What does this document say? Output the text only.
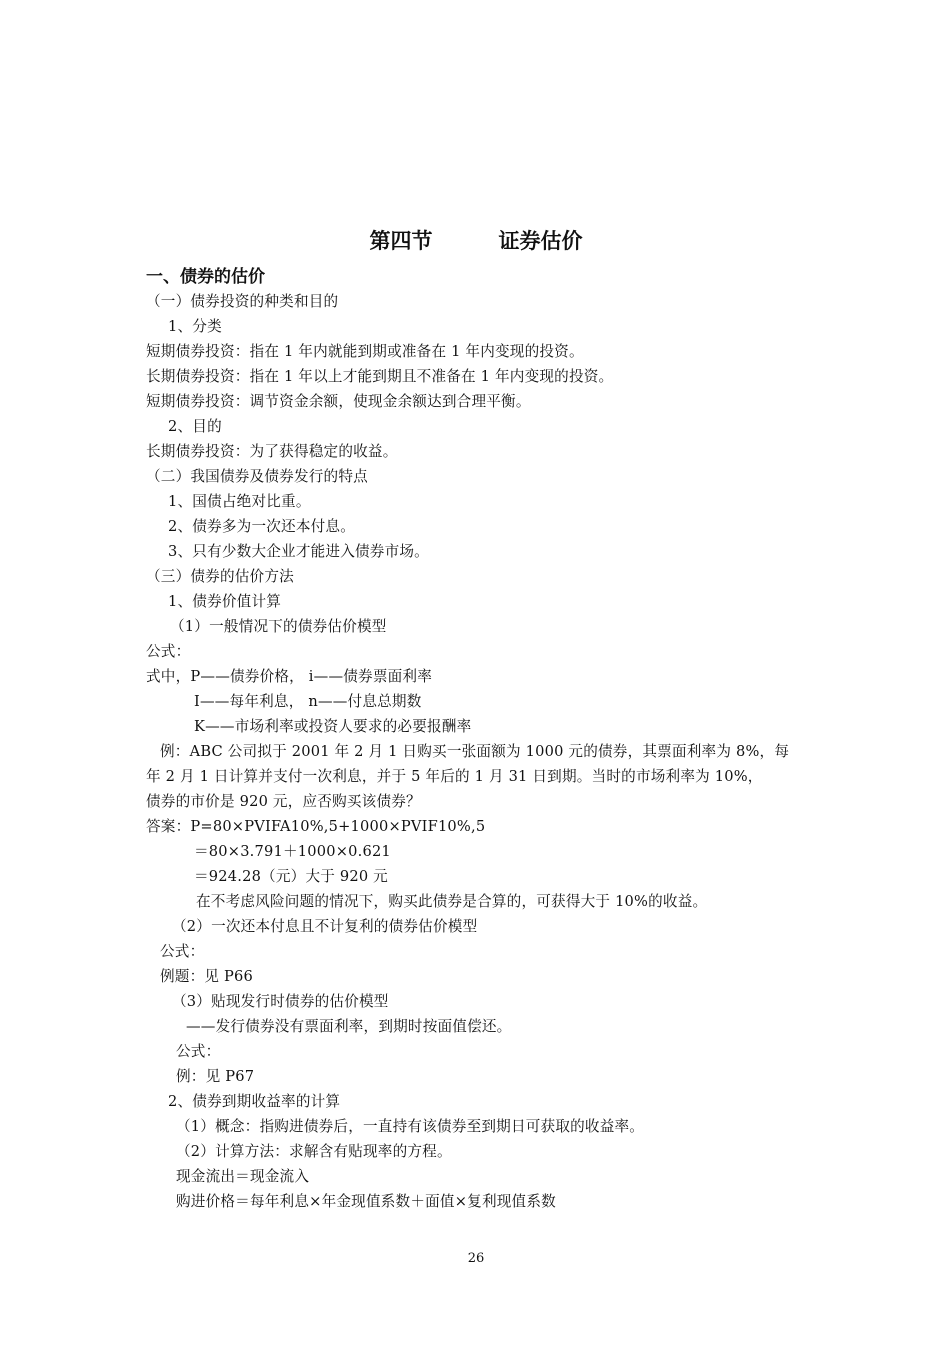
第四节	证券估价
一、债券的估价
（一）债券投资的种类和目的
1、分类
短期债券投资：指在 1 年内就能到期或准备在 1 年内变现的投资。
长期债券投资：指在 1 年以上才能到期且不准备在 1 年内变现的投资。
短期债券投资：调节资金余额，使现金余额达到合理平衡。
2、目的
长期债券投资：为了获得稳定的收益。
（二）我国债券及债券发行的特点
1、国债占绝对比重。
2、债券多为一次还本付息。
3、只有少数大企业才能进入债券市场。
（三）债券的估价方法
1、债券价值计算
（1）一般情况下的债券估价模型
公式：
式中，P——债券价格， i——债券票面利率
I——每年利息， n——付息总期数
K——市场利率或投资人要求的必要报酬率
例：ABC 公司拟于 2001 年 2 月 1 日购买一张面额为 1000 元的债券，其票面利率为 8%，每
年 2 月 1 日计算并支付一次利息，并于 5 年后的 1 月 31 日到期。当时的市场利率为 10%，
债券的市价是 920 元，应否购买该债券？
答案：P=80×PVIFA10%,5+1000×PVIF10%,5
＝80×3.791＋1000×0.621
＝924.28（元）大于 920 元
在不考虑风险问题的情况下，购买此债券是合算的，可获得大于 10%的收益。
（2）一次还本付息且不计复利的债券估价模型
公式：
例题：见 P66
（3）贴现发行时债券的估价模型
——发行债券没有票面利率，到期时按面值偿还。
公式：
例：见 P67
2、债券到期收益率的计算
（1）概念：指购进债券后，一直持有该债券至到期日可获取的收益率。
（2）计算方法：求解含有贴现率的方程。
现金流出＝现金流入
购进价格＝每年利息×年金现值系数＋面值×复利现值系数
26
